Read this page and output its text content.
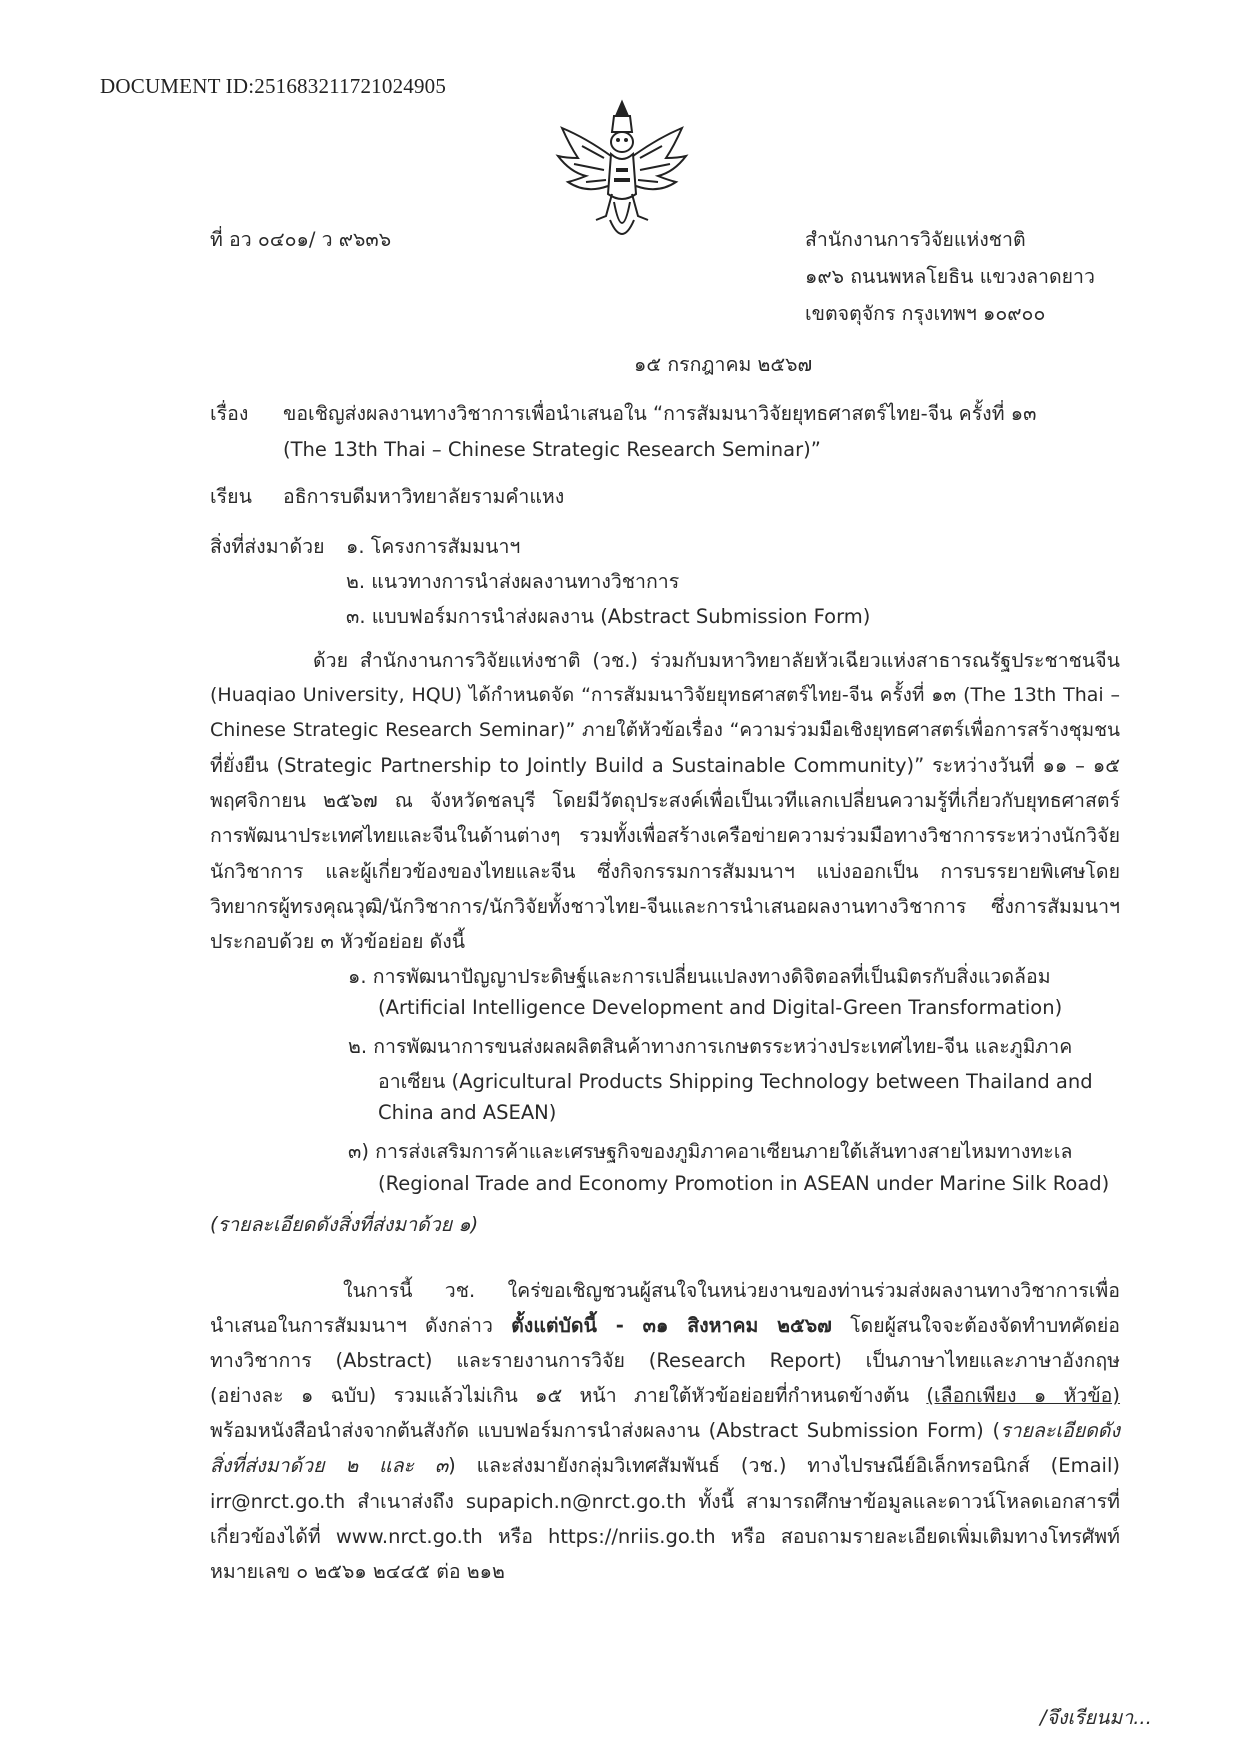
DOCUMENT ID:251683211721024905
ที่ อว ๐๔๐๑/ ว ๙๖๓๖	สำนักงานการวิจัยแห่งชาติ
๑๙๖ ถนนพหลโยธิน แขวงลาดยาว
เขตจตุจักร กรุงเทพฯ ๑๐๙๐๐
๑๕ กรกฎาคม ๒๕๖๗
เรื่อง ขอเชิญส่งผลงานทางวิชาการเพื่อนำเสนอใน “การสัมมนาวิจัยยุทธศาสตร์ไทย-จีน ครั้งที่ ๑๓
(The 13th Thai – Chinese Strategic Research Seminar)”
เรียน อธิการบดีมหาวิทยาลัยรามคำแหง
สิ่งที่ส่งมาด้วย ๑. โครงการสัมมนาฯ
๒. แนวทางการนำส่งผลงานทางวิชาการ
๓. แบบฟอร์มการนำส่งผลงาน (Abstract Submission Form)
ด้วย สำนักงานการวิจัยแห่งชาติ (วช.) ร่วมกับมหาวิทยาลัยหัวเฉียวแห่งสาธารณรัฐประชาชนจีน
(Huaqiao University, HQU) ได้กำหนดจัด “การสัมมนาวิจัยยุทธศาสตร์ไทย-จีน ครั้งที่ ๑๓ (The 13th Thai –
Chinese Strategic Research Seminar)” ภายใต้หัวข้อเรื่อง “ความร่วมมือเชิงยุทธศาสตร์เพื่อการสร้างชุมชน
ที่ยั่งยืน (Strategic Partnership to Jointly Build a Sustainable Community)” ระหว่างวันที่ ๑๑ – ๑๕
พฤศจิกายน ๒๕๖๗ ณ จังหวัดชลบุรี โดยมีวัตถุประสงค์เพื่อเป็นเวทีแลกเปลี่ยนความรู้ที่เกี่ยวกับยุทธศาสตร์
การพัฒนาประเทศไทยและจีนในด้านต่างๆ รวมทั้งเพื่อสร้างเครือข่ายความร่วมมือทางวิชาการระหว่างนักวิจัย
นักวิชาการ และผู้เกี่ยวข้องของไทยและจีน ซึ่งกิจกรรมการสัมมนาฯ แบ่งออกเป็น การบรรยายพิเศษโดย
วิทยากรผู้ทรงคุณวุฒิ/นักวิชาการ/นักวิจัยทั้งชาวไทย-จีนและการนำเสนอผลงานทางวิชาการ ซึ่งการสัมมนาฯ
ประกอบด้วย ๓ หัวข้อย่อย ดังนี้
๑. การพัฒนาปัญญาประดิษฐ์และการเปลี่ยนแปลงทางดิจิตอลที่เป็นมิตรกับสิ่งแวดล้อม
(Artificial Intelligence Development and Digital-Green Transformation)
๒. การพัฒนาการขนส่งผลผลิตสินค้าทางการเกษตรระหว่างประเทศไทย-จีน และภูมิภาค
อาเซียน (Agricultural Products Shipping Technology between Thailand and
China and ASEAN)
๓) การส่งเสริมการค้าและเศรษฐกิจของภูมิภาคอาเซียนภายใต้เส้นทางสายไหมทางทะเล
(Regional Trade and Economy Promotion in ASEAN under Marine Silk Road)
(รายละเอียดดังสิ่งที่ส่งมาด้วย ๑)
ในการนี้ วช. ใคร่ขอเชิญชวนผู้สนใจในหน่วยงานของท่านร่วมส่งผลงานทางวิชาการเพื่อ
นำเสนอในการสัมมนาฯ ดังกล่าว ตั้งแต่บัดนี้ - ๓๑ สิงหาคม ๒๕๖๗ โดยผู้สนใจจะต้องจัดทำบทคัดย่อ
ทางวิชาการ (Abstract) และรายงานการวิจัย (Research Report) เป็นภาษาไทยและภาษาอังกฤษ
(อย่างละ ๑ ฉบับ) รวมแล้วไม่เกิน ๑๕ หน้า ภายใต้หัวข้อย่อยที่กำหนดข้างต้น (เลือกเพียง ๑ หัวข้อ)
พร้อมหนังสือนำส่งจากต้นสังกัด แบบฟอร์มการนำส่งผลงาน (Abstract Submission Form) (รายละเอียดดัง
สิ่งที่ส่งมาด้วย ๒ และ ๓) และส่งมายังกลุ่มวิเทศสัมพันธ์ (วช.) ทางไปรษณีย์อิเล็กทรอนิกส์ (Email)
irr@nrct.go.th สำเนาส่งถึง supapich.n@nrct.go.th ทั้งนี้ สามารถศึกษาข้อมูลและดาวน์โหลดเอกสารที่
เกี่ยวข้องได้ที่ www.nrct.go.th หรือ https://nriis.go.th หรือ สอบถามรายละเอียดเพิ่มเติมทางโทรศัพท์
หมายเลข ๐ ๒๕๖๑ ๒๔๔๕ ต่อ ๒๑๒
/จึงเรียนมา...
